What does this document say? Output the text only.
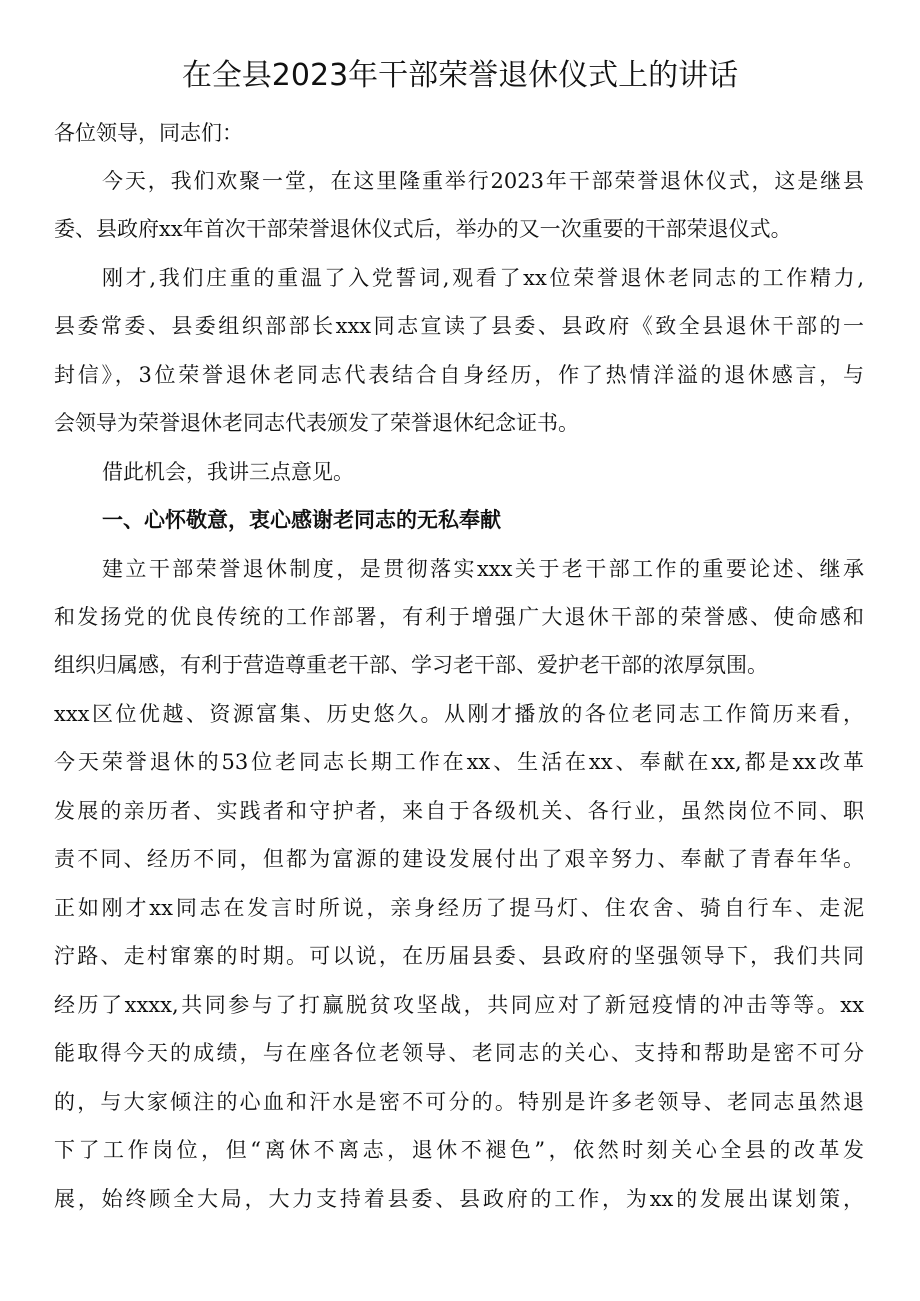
在全县2023年干部荣誉退休仪式上的讲话
各位领导，同志们：
今天，我们欢聚一堂，在这里隆重举行2023年干部荣誉退休仪式，这是继县
委、县政府xx年首次干部荣誉退休仪式后，举办的又一次重要的干部荣退仪式。
刚才,我们庄重的重温了入党誓词,观看了xx位荣誉退休老同志的工作精力,
县委常委、县委组织部部长xxx同志宣读了县委、县政府《致全县退休干部的一
封信》，3位荣誉退休老同志代表结合自身经历，作了热情洋溢的退休感言，与
会领导为荣誉退休老同志代表颁发了荣誉退休纪念证书。
借此机会，我讲三点意见。
一、心怀敬意，衷心感谢老同志的无私奉献
建立干部荣誉退休制度，是贯彻落实xxx关于老干部工作的重要论述、继承
和发扬党的优良传统的工作部署，有利于增强广大退休干部的荣誉感、使命感和
组织归属感，有利于营造尊重老干部、学习老干部、爱护老干部的浓厚氛围。
xxx区位优越、资源富集、历史悠久。从刚才播放的各位老同志工作简历来看，
今天荣誉退休的53位老同志长期工作在xx、生活在xx、奉献在xx,都是xx改革
发展的亲历者、实践者和守护者，来自于各级机关、各行业，虽然岗位不同、职
责不同、经历不同，但都为富源的建设发展付出了艰辛努力、奉献了青春年华。
正如刚才xx同志在发言时所说，亲身经历了提马灯、住农舍、骑自行车、走泥
泞路、走村窜寨的时期。可以说，在历届县委、县政府的坚强领导下，我们共同
经历了xxxx,共同参与了打赢脱贫攻坚战，共同应对了新冠疫情的冲击等等。xx
能取得今天的成绩，与在座各位老领导、老同志的关心、支持和帮助是密不可分
的，与大家倾注的心血和汗水是密不可分的。特别是许多老领导、老同志虽然退
下了工作岗位，但“离休不离志，退休不褪色”，依然时刻关心全县的改革发
展，始终顾全大局，大力支持着县委、县政府的工作，为xx的发展出谋划策，
